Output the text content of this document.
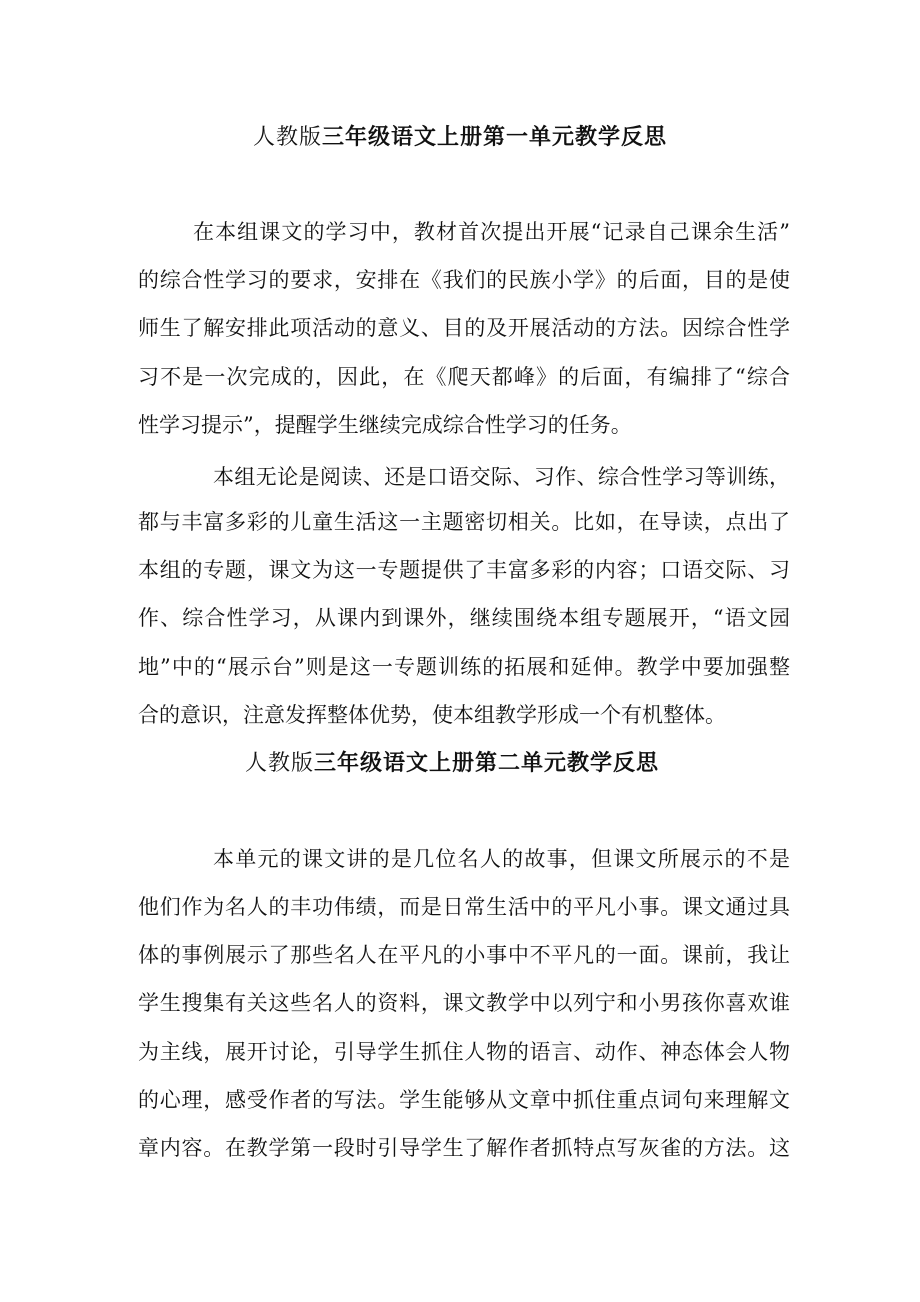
人教版三年级语文上册第一单元教学反思
在本组课文的学习中，教材首次提出开展“记录自己课余生活”
的综合性学习的要求，安排在《我们的民族小学》的后面，目的是使
师生了解安排此项活动的意义、目的及开展活动的方法。因综合性学
习不是一次完成的，因此，在《爬天都峰》的后面，有编排了“综合
性学习提示”，提醒学生继续完成综合性学习的任务。
本组无论是阅读、还是口语交际、习作、综合性学习等训练，
都与丰富多彩的儿童生活这一主题密切相关。比如，在导读，点出了
本组的专题，课文为这一专题提供了丰富多彩的内容；口语交际、习
作、综合性学习，从课内到课外，继续围绕本组专题展开，“语文园
地”中的“展示台”则是这一专题训练的拓展和延伸。教学中要加强整
合的意识，注意发挥整体优势，使本组教学形成一个有机整体。
人教版三年级语文上册第二单元教学反思
本单元的课文讲的是几位名人的故事，但课文所展示的不是
他们作为名人的丰功伟绩，而是日常生活中的平凡小事。课文通过具
体的事例展示了那些名人在平凡的小事中不平凡的一面。课前，我让
学生搜集有关这些名人的资料，课文教学中以列宁和小男孩你喜欢谁
为主线，展开讨论，引导学生抓住人物的语言、动作、神态体会人物
的心理，感受作者的写法。学生能够从文章中抓住重点词句来理解文
章内容。在教学第一段时引导学生了解作者抓特点写灰雀的方法。这
